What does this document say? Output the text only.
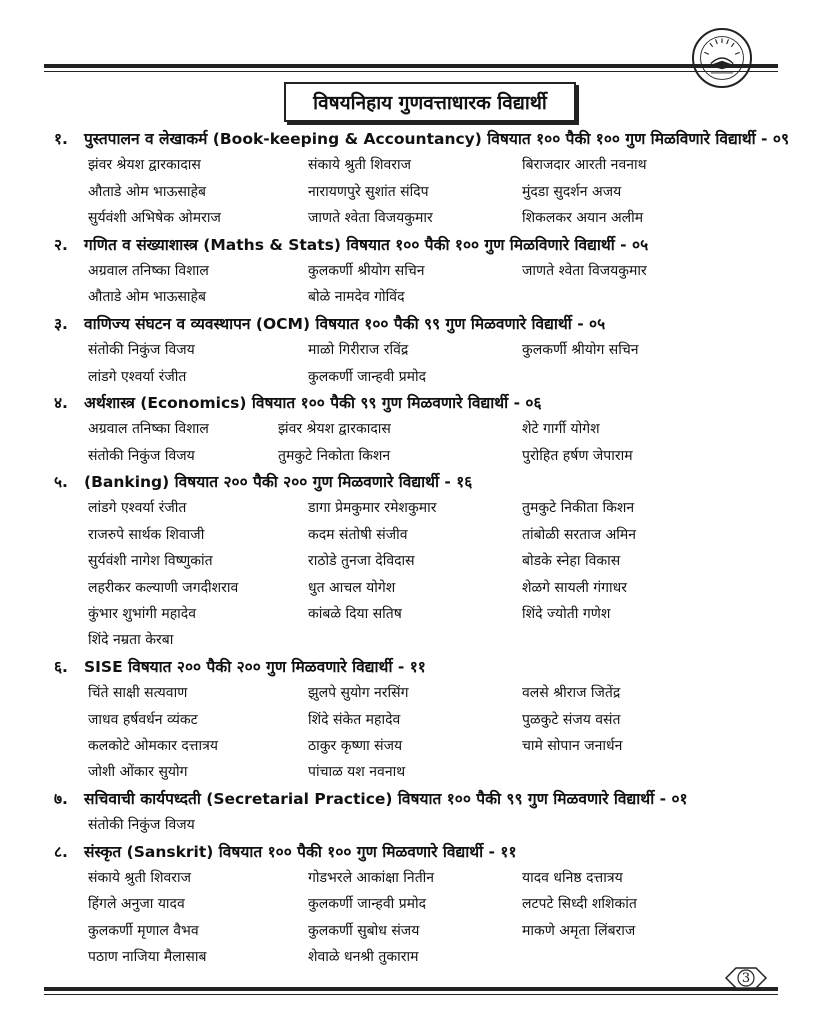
विषयनिहाय गुणवत्ताधारक विद्यार्थी
१. पुस्तपालन व लेखाकर्म (Book-keeping & Accountancy) विषयात १०० पैकी १०० गुण मिळविणारे विद्यार्थी - ०९
झंवर श्रेयश द्वारकादास	संकाये श्रुती शिवराज	बिराजदार आरती नवनाथ
औताडे ओम भाऊसाहेब	नारायणपुरे सुशांत संदिप	मुंदडा सुदर्शन अजय
सुर्यवंशी अभिषेक ओमराज	जाणते श्वेता विजयकुमार	शिकलकर अयान अलीम
२. गणित व संख्याशास्त्र (Maths & Stats) विषयात १०० पैकी १०० गुण मिळविणारे विद्यार्थी - ०५
अग्रवाल तनिष्का विशाल	कुलकर्णी श्रीयोग सचिन	जाणते श्वेता विजयकुमार
औताडे ओम भाऊसाहेब	बोळे नामदेव गोविंद
३. वाणिज्य संघटन व व्यवस्थापन (OCM) विषयात १०० पैकी ९९ गुण मिळवणारे विद्यार्थी - ०५
संतोकी निकुंज विजय	माळो गिरीराज रविंद्र	कुलकर्णी श्रीयोग सचिन
लांडगे एश्वर्या रंजीत	कुलकर्णी जान्हवी प्रमोद
४. अर्थशास्त्र (Economics) विषयात १०० पैकी ९९ गुण मिळवणारे विद्यार्थी - ०६
अग्रवाल तनिष्का विशाल	झंवर श्रेयश द्वारकादास	शेटे गार्गी योगेश
संतोकी निकुंज विजय	तुमकुटे निकोता किशन	पुरोहित हर्षण जेपाराम
५. (Banking) विषयात २०० पैकी २०० गुण मिळवणारे विद्यार्थी - १६
लांडगे एश्वर्या रंजीत	डागा प्रेमकुमार रमेशकुमार	तुमकुटे निकीता किशन
राजरुपे सार्थक शिवाजी	कदम संतोषी संजीव	तांबोळी सरताज अमिन
सुर्यवंशी नागेश विष्णुकांत	राठोडे तुनजा देविदास	बोडके स्नेहा विकास
लहरीकर कल्याणी जगदीशराव	धुत आचल योगेश	शेळगे सायली गंगाधर
कुंभार शुभांगी महादेव	कांबळे दिया सतिष	शिंदे ज्योती गणेश
शिंदे नम्रता केरबा
६. SISE विषयात २०० पैकी २०० गुण मिळवणारे विद्यार्थी - ११
चिंते साक्षी सत्यवाण	झुलपे सुयोग नरसिंग	वलसे श्रीराज जितेंद्र
जाधव हर्षवर्धन व्यंकट	शिंदे संकेत महादेव	पुळकुटे संजय वसंत
कलकोटे ओमकार दत्तात्रय	ठाकुर कृष्णा संजय	चामे सोपान जनार्धन
जोशी ओंकार सुयोग	पांचाळ यश नवनाथ
७. सचिवाची कार्यपध्दती (Secretarial Practice) विषयात १०० पैकी ९९ गुण मिळवणारे विद्यार्थी - ०१
संतोकी निकुंज विजय
८. संस्कृत (Sanskrit) विषयात १०० पैकी १०० गुण मिळवणारे विद्यार्थी - ११
संकाये श्रुती शिवराज	गोडभरले आकांक्षा नितीन	यादव धनिष्ठ दत्तात्रय
हिंगले अनुजा यादव	कुलकर्णी जान्हवी प्रमोद	लटपटे सिध्दी शशिकांत
कुलकर्णी मृणाल वैभव	कुलकर्णी सुबोध संजय	माकणे अमृता लिंबराज
पठाण नाजिया मैलासाब	शेवाळे धनश्री तुकाराम
3
